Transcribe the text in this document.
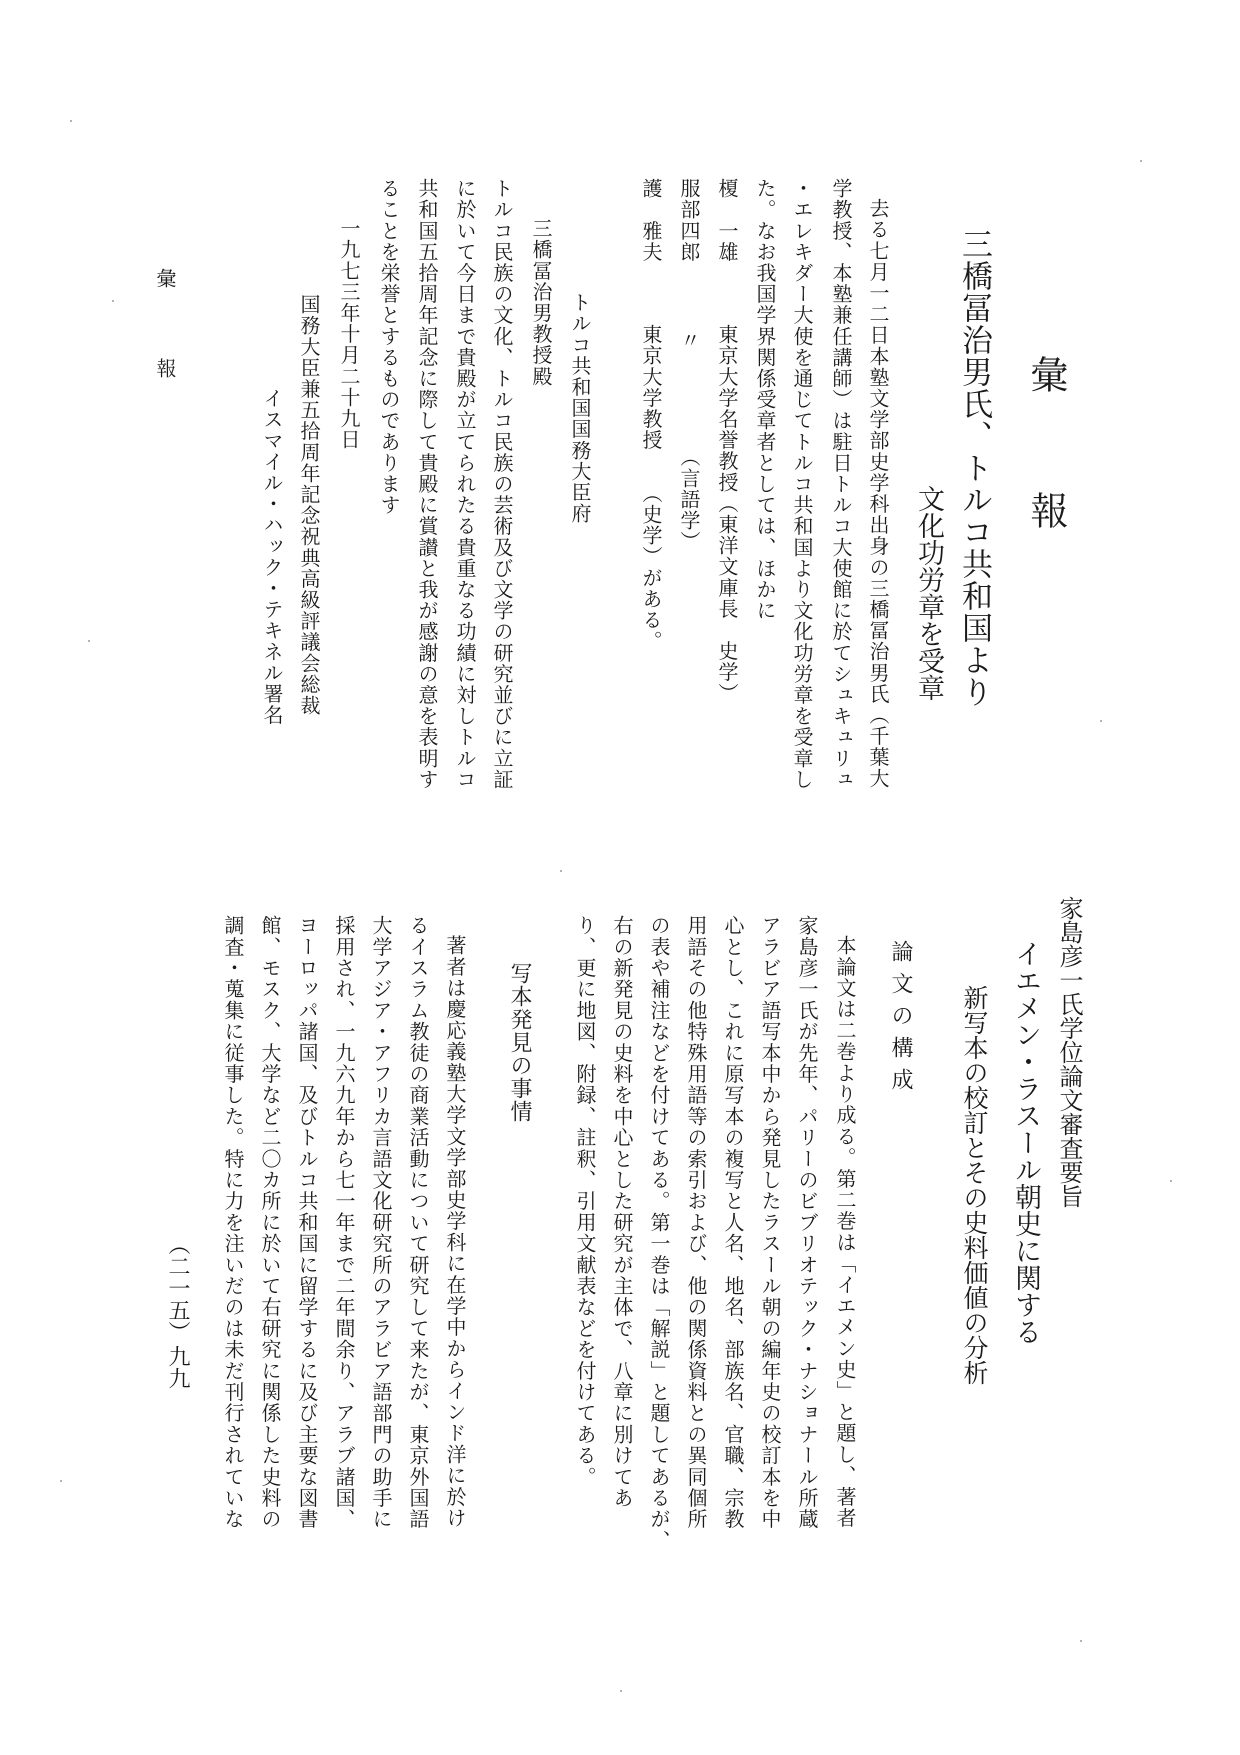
彙　報
三橋冨治男氏、トルコ共和国より
文化功労章を受章
去る七月一二日本塾文学部史学科出身の三橋冨治男氏（千葉大
学教授、本塾兼任講師）は駐日トルコ大使館に於てシュキュリュ
・エレキダー大使を通じてトルコ共和国より文化功労章を受章し
た。なお我国学界関係受章者としては、ほかに
榎　一雄
東京大学名誉教授（東洋文庫長　史学）
服部四郎
〃　　　　　（言語学）
護　雅夫
東京大学教授　　（史学）がある。
トルコ共和国国務大臣府
三橋冨治男教授殿
トルコ民族の文化、トルコ民族の芸術及び文学の研究並びに立証
に於いて今日まで貴殿が立てられたる貴重なる功績に対しトルコ
共和国五拾周年記念に際して貴殿に賞讃と我が感謝の意を表明す
ることを栄誉とするものであります
一九七三年十月二十九日
国務大臣兼五拾周年記念祝典高級評議会総裁
イスマイル・ハック・テキネル署名
彙報
家島彦一氏学位論文審査要旨
イエメン・ラスール朝史に関する
新写本の校訂とその史料価値の分析
論文の構成
本論文は二巻より成る。第二巻は「イエメン史」と題し、著者
家島彦一氏が先年、パリーのビブリオテック・ナショナール所蔵
アラビア語写本中から発見したラスール朝の編年史の校訂本を中
心とし、これに原写本の複写と人名、地名、部族名、官職、宗教
用語その他特殊用語等の索引および、他の関係資料との異同個所
の表や補注などを付けてある。第一巻は「解説」と題してあるが、
右の新発見の史料を中心とした研究が主体で、八章に別けてあ
り、更に地図、附録、註釈、引用文献表などを付けてある。
写本発見の事情
著者は慶応義塾大学文学部史学科に在学中からインド洋に於け
るイスラム教徒の商業活動について研究して来たが、東京外国語
大学アジア・アフリカ言語文化研究所のアラビア語部門の助手に
採用され、一九六九年から七一年まで二年間余り、アラブ諸国、
ヨーロッパ諸国、及びトルコ共和国に留学するに及び主要な図書
館、モスク、大学など二〇カ所に於いて右研究に関係した史料の
調査・蒐集に従事した。特に力を注いだのは未だ刊行されていな
（二一五）
九九
